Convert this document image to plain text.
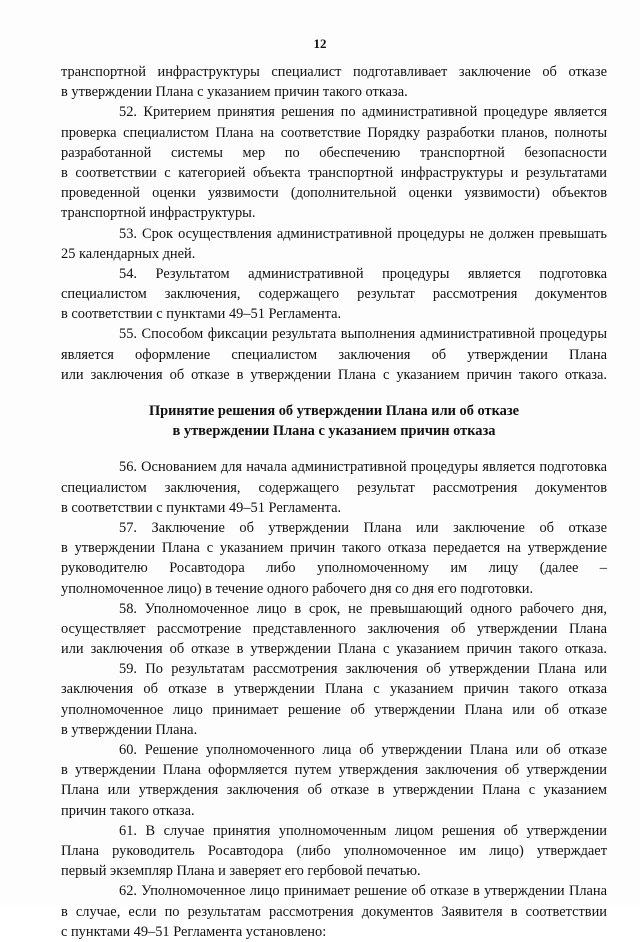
12
транспортной инфраструктуры специалист подготавливает заключение об отказе
в утверждении Плана с указанием причин такого отказа.
52. Критерием принятия решения по административной процедуре является
проверка специалистом Плана на соответствие Порядку разработки планов, полноты
разработанной системы мер по обеспечению транспортной безопасности
в соответствии с категорией объекта транспортной инфраструктуры и результатами
проведенной оценки уязвимости (дополнительной оценки уязвимости) объектов
транспортной инфраструктуры.
53. Срок осуществления административной процедуры не должен превышать
25 календарных дней.
54. Результатом административной процедуры является подготовка
специалистом заключения, содержащего результат рассмотрения документов
в соответствии с пунктами 49–51 Регламента.
55. Способом фиксации результата выполнения административной процедуры
является оформление специалистом заключения об утверждении Плана
или заключения об отказе в утверждении Плана с указанием причин такого отказа.
Принятие решения об утверждении Плана или об отказе
в утверждении Плана с указанием причин отказа
56. Основанием для начала административной процедуры является подготовка
специалистом заключения, содержащего результат рассмотрения документов
в соответствии с пунктами 49–51 Регламента.
57. Заключение об утверждении Плана или заключение об отказе
в утверждении Плана с указанием причин такого отказа передается на утверждение
руководителю Росавтодора либо уполномоченному им лицу (далее –
уполномоченное лицо) в течение одного рабочего дня со дня его подготовки.
58. Уполномоченное лицо в срок, не превышающий одного рабочего дня,
осуществляет рассмотрение представленного заключения об утверждении Плана
или заключения об отказе в утверждении Плана с указанием причин такого отказа.
59. По результатам рассмотрения заключения об утверждении Плана или
заключения об отказе в утверждении Плана с указанием причин такого отказа
уполномоченное лицо принимает решение об утверждении Плана или об отказе
в утверждении Плана.
60. Решение уполномоченного лица об утверждении Плана или об отказе
в утверждении Плана оформляется путем утверждения заключения об утверждении
Плана или утверждения заключения об отказе в утверждении Плана с указанием
причин такого отказа.
61. В случае принятия уполномоченным лицом решения об утверждении
Плана руководитель Росавтодора (либо уполномоченное им лицо) утверждает
первый экземпляр Плана и заверяет его гербовой печатью.
62. Уполномоченное лицо принимает решение об отказе в утверждении Плана
в случае, если по результатам рассмотрения документов Заявителя в соответствии
с пунктами 49–51 Регламента установлено:
